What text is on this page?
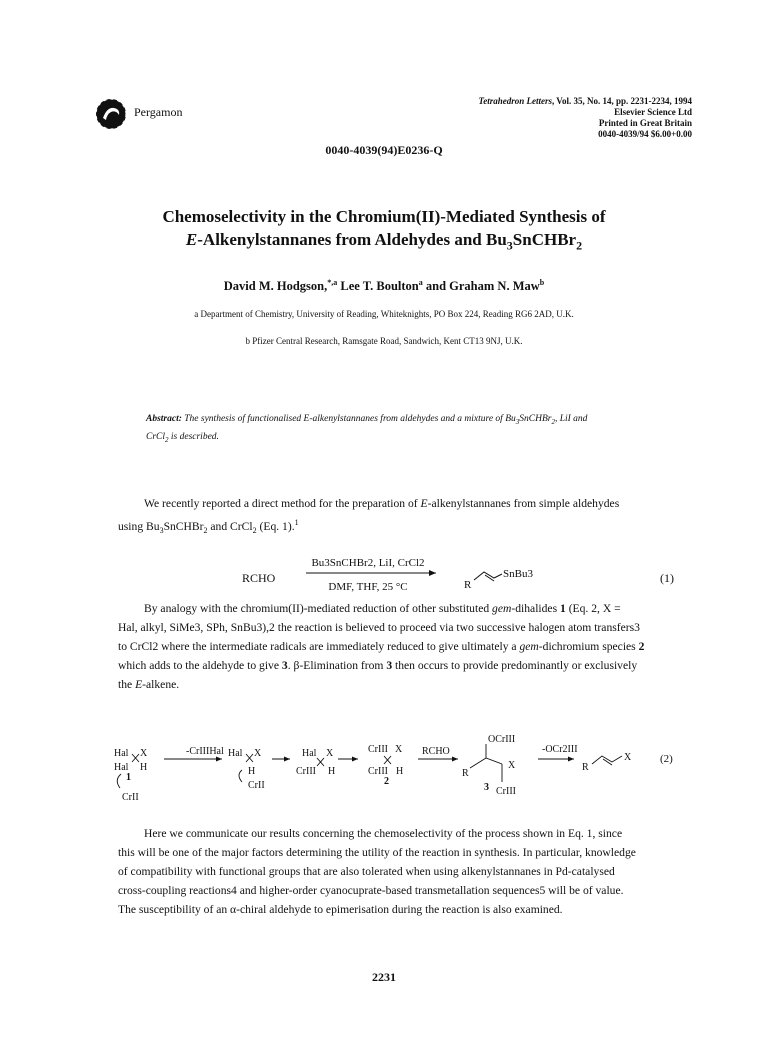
Pergamon
Tetrahedron Letters, Vol. 35, No. 14, pp. 2231-2234, 1994
Elsevier Science Ltd
Printed in Great Britain
0040-4039/94 $6.00+0.00
0040-4039(94)E0236-Q
Chemoselectivity in the Chromium(II)-Mediated Synthesis of
E-Alkenylstannanes from Aldehydes and $Bu_3SnCHBr_2$
David M. Hodgson,$^{*,a}$ Lee T. Boulton$^a$ and Graham N. Maw$^b$
a Department of Chemistry, University of Reading, Whiteknights, PO Box 224, Reading RG6 2AD, U.K.
b Pfizer Central Research, Ramsgate Road, Sandwich, Kent CT13 9NJ, U.K.
Abstract: The synthesis of functionalised E-alkenylstannanes from aldehydes and a mixture of $Bu_3SnCHBr_2$, LiI and
CrCl$_2$ is described.
We recently reported a direct method for the preparation of E-alkenylstannanes from simple aldehydes
using $Bu_3SnCHBr_2$ and CrCl$_2$ (Eq. 1).$^1$
RCHO
Bu3SnCHBr2, LiI, CrCl2
DMF, THF, 25 °C	R
SnBu3	(1)
By analogy with the chromium(II)-mediated reduction of other substituted gem-dihalides 1 (Eq. 2, X =
Hal, alkyl, SiMe3, SPh, SnBu3),2 the reaction is believed to proceed via two successive halogen atom transfers3
to CrCl2 where the intermediate radicals are immediately reduced to give ultimately a gem-dichromium species 2
which adds to the aldehyde to give 3. β-Elimination from 3 then occurs to provide predominantly or exclusively
the E-alkene.
Hal X
Hal H
1
CrII
-CrIIIHal Hal X
H
CrII
Hal X
CrIII H
CrIII X
CrIII H
2
RCHO
OCrIII
R
X
3 CrIII
-OCr2III
R
X	(2)
Here we communicate our results concerning the chemoselectivity of the process shown in Eq. 1, since
this will be one of the major factors determining the utility of the reaction in synthesis. In particular, knowledge
of compatibility with functional groups that are also tolerated when using alkenylstannanes in Pd-catalysed
cross-coupling reactions4 and higher-order cyanocuprate-based transmetallation sequences5 will be of value.
The susceptibility of an α-chiral aldehyde to epimerisation during the reaction is also examined.
2231
